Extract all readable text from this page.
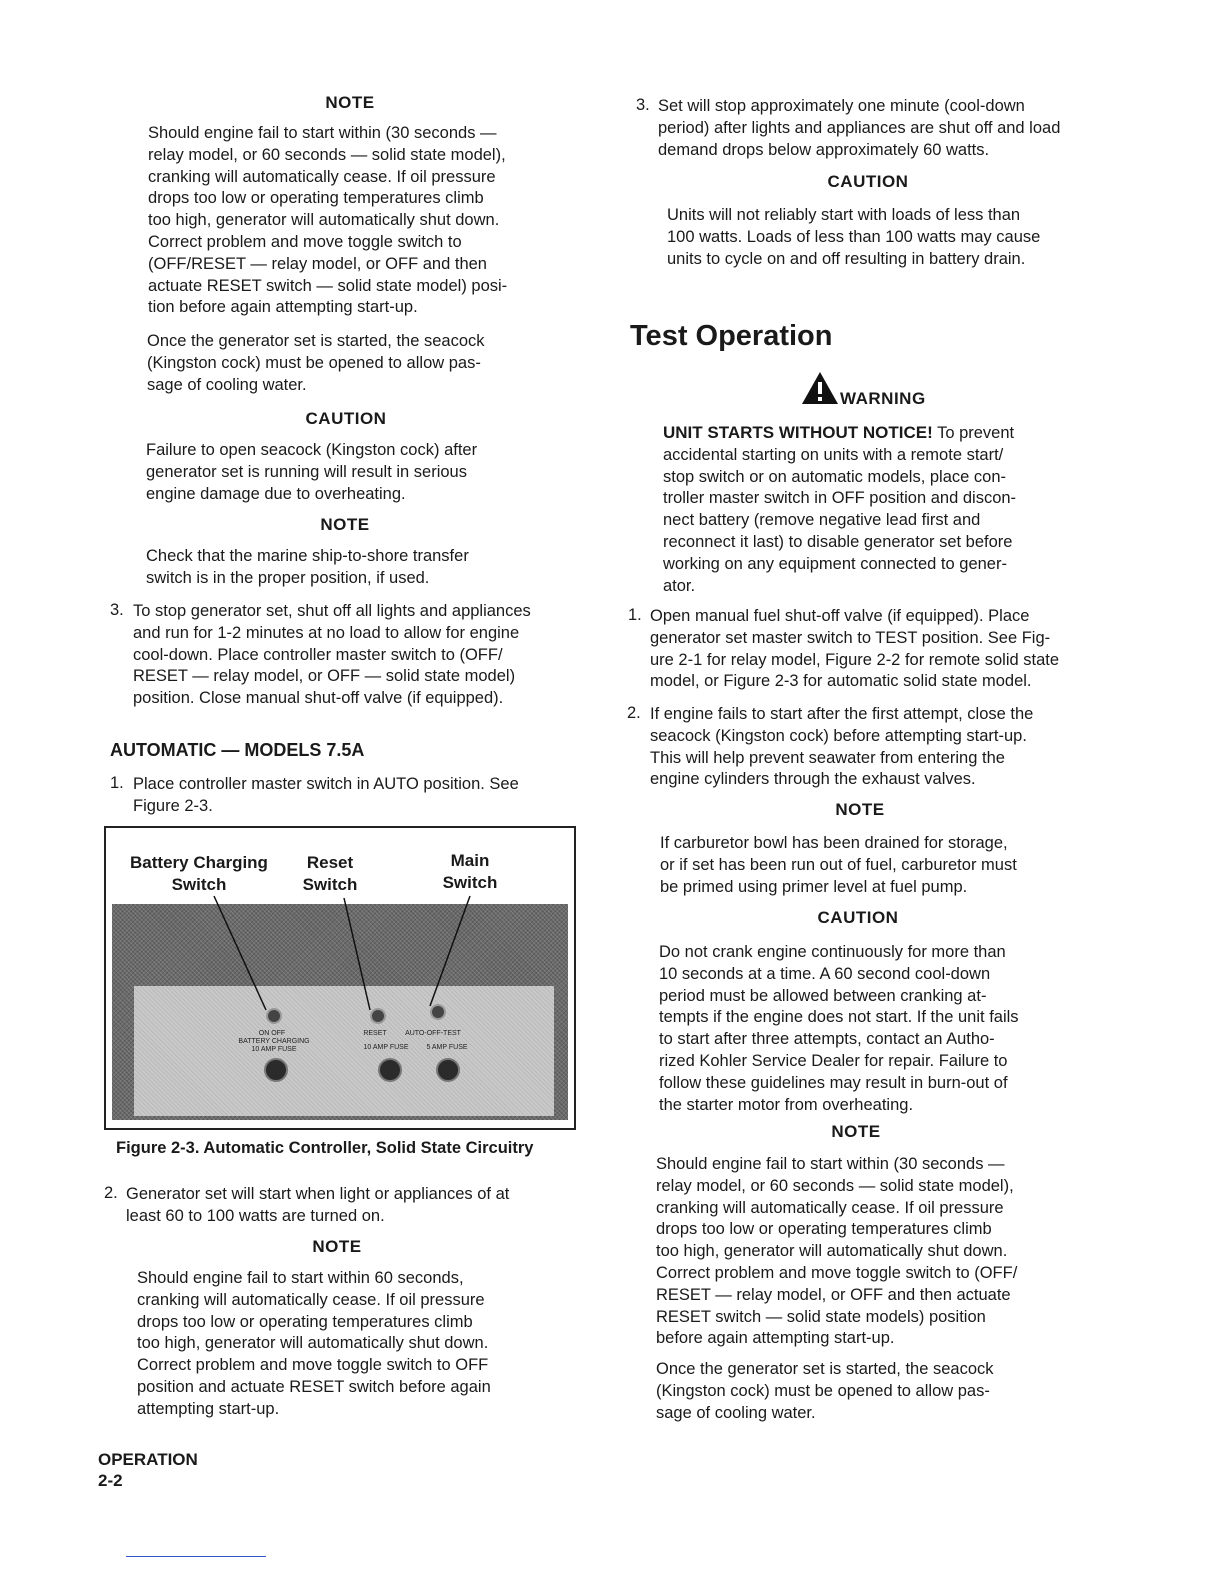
NOTE
Should engine fail to start within (30 seconds —
relay model, or 60 seconds — solid state model),
cranking will automatically cease. If oil pressure
drops too low or operating temperatures climb
too high, generator will automatically shut down.
Correct problem and move toggle switch to
(OFF/RESET — relay model, or OFF and then
actuate RESET switch — solid state model) posi-
tion before again attempting start-up.
Once the generator set is started, the seacock
(Kingston cock) must be opened to allow pas-
sage of cooling water.
CAUTION
Failure to open seacock (Kingston cock) after
generator set is running will result in serious
engine damage due to overheating.
NOTE
Check that the marine ship-to-shore transfer
switch is in the proper position, if used.
3. To stop generator set, shut off all lights and appliances
and run for 1-2 minutes at no load to allow for engine
cool-down. Place controller master switch to (OFF/
RESET — relay model, or OFF — solid state model)
position. Close manual shut-off valve (if equipped).
AUTOMATIC — MODELS 7.5A
1. Place controller master switch in AUTO position. See
Figure 2-3.
Battery Charging
Switch
Reset
Switch
Main
Switch
ON OFF
BATTERY CHARGING
10 AMP FUSE
RESET	AUTO-OFF-TEST
10 AMP FUSE	5 AMP FUSE
Figure 2-3. Automatic Controller, Solid State Circuitry
2. Generator set will start when light or appliances of at
least 60 to 100 watts are turned on.
NOTE
Should engine fail to start within 60 seconds,
cranking will automatically cease. If oil pressure
drops too low or operating temperatures climb
too high, generator will automatically shut down.
Correct problem and move toggle switch to OFF
position and actuate RESET switch before again
attempting start-up.
3. Set will stop approximately one minute (cool-down
period) after lights and appliances are shut off and load
demand drops below approximately 60 watts.
CAUTION
Units will not reliably start with loads of less than
100 watts. Loads of less than 100 watts may cause
units to cycle on and off resulting in battery drain.
Test Operation
WARNING
UNIT STARTS WITHOUT NOTICE! To prevent
accidental starting on units with a remote start/
stop switch or on automatic models, place con-
troller master switch in OFF position and discon-
nect battery (remove negative lead first and
reconnect it last) to disable generator set before
working on any equipment connected to gener-
ator.
1. Open manual fuel shut-off valve (if equipped). Place
generator set master switch to TEST position. See Fig-
ure 2-1 for relay model, Figure 2-2 for remote solid state
model, or Figure 2-3 for automatic solid state model.
2. If engine fails to start after the first attempt, close the
seacock (Kingston cock) before attempting start-up.
This will help prevent seawater from entering the
engine cylinders through the exhaust valves.
NOTE
If carburetor bowl has been drained for storage,
or if set has been run out of fuel, carburetor must
be primed using primer level at fuel pump.
CAUTION
Do not crank engine continuously for more than
10 seconds at a time. A 60 second cool-down
period must be allowed between cranking at-
tempts if the engine does not start. If the unit fails
to start after three attempts, contact an Autho-
rized Kohler Service Dealer for repair. Failure to
follow these guidelines may result in burn-out of
the starter motor from overheating.
NOTE
Should engine fail to start within (30 seconds —
relay model, or 60 seconds — solid state model),
cranking will automatically cease. If oil pressure
drops too low or operating temperatures climb
too high, generator will automatically shut down.
Correct problem and move toggle switch to (OFF/
RESET — relay model, or OFF and then actuate
RESET switch — solid state models) position
before again attempting start-up.
Once the generator set is started, the seacock
(Kingston cock) must be opened to allow pas-
sage of cooling water.
OPERATION
2-2
